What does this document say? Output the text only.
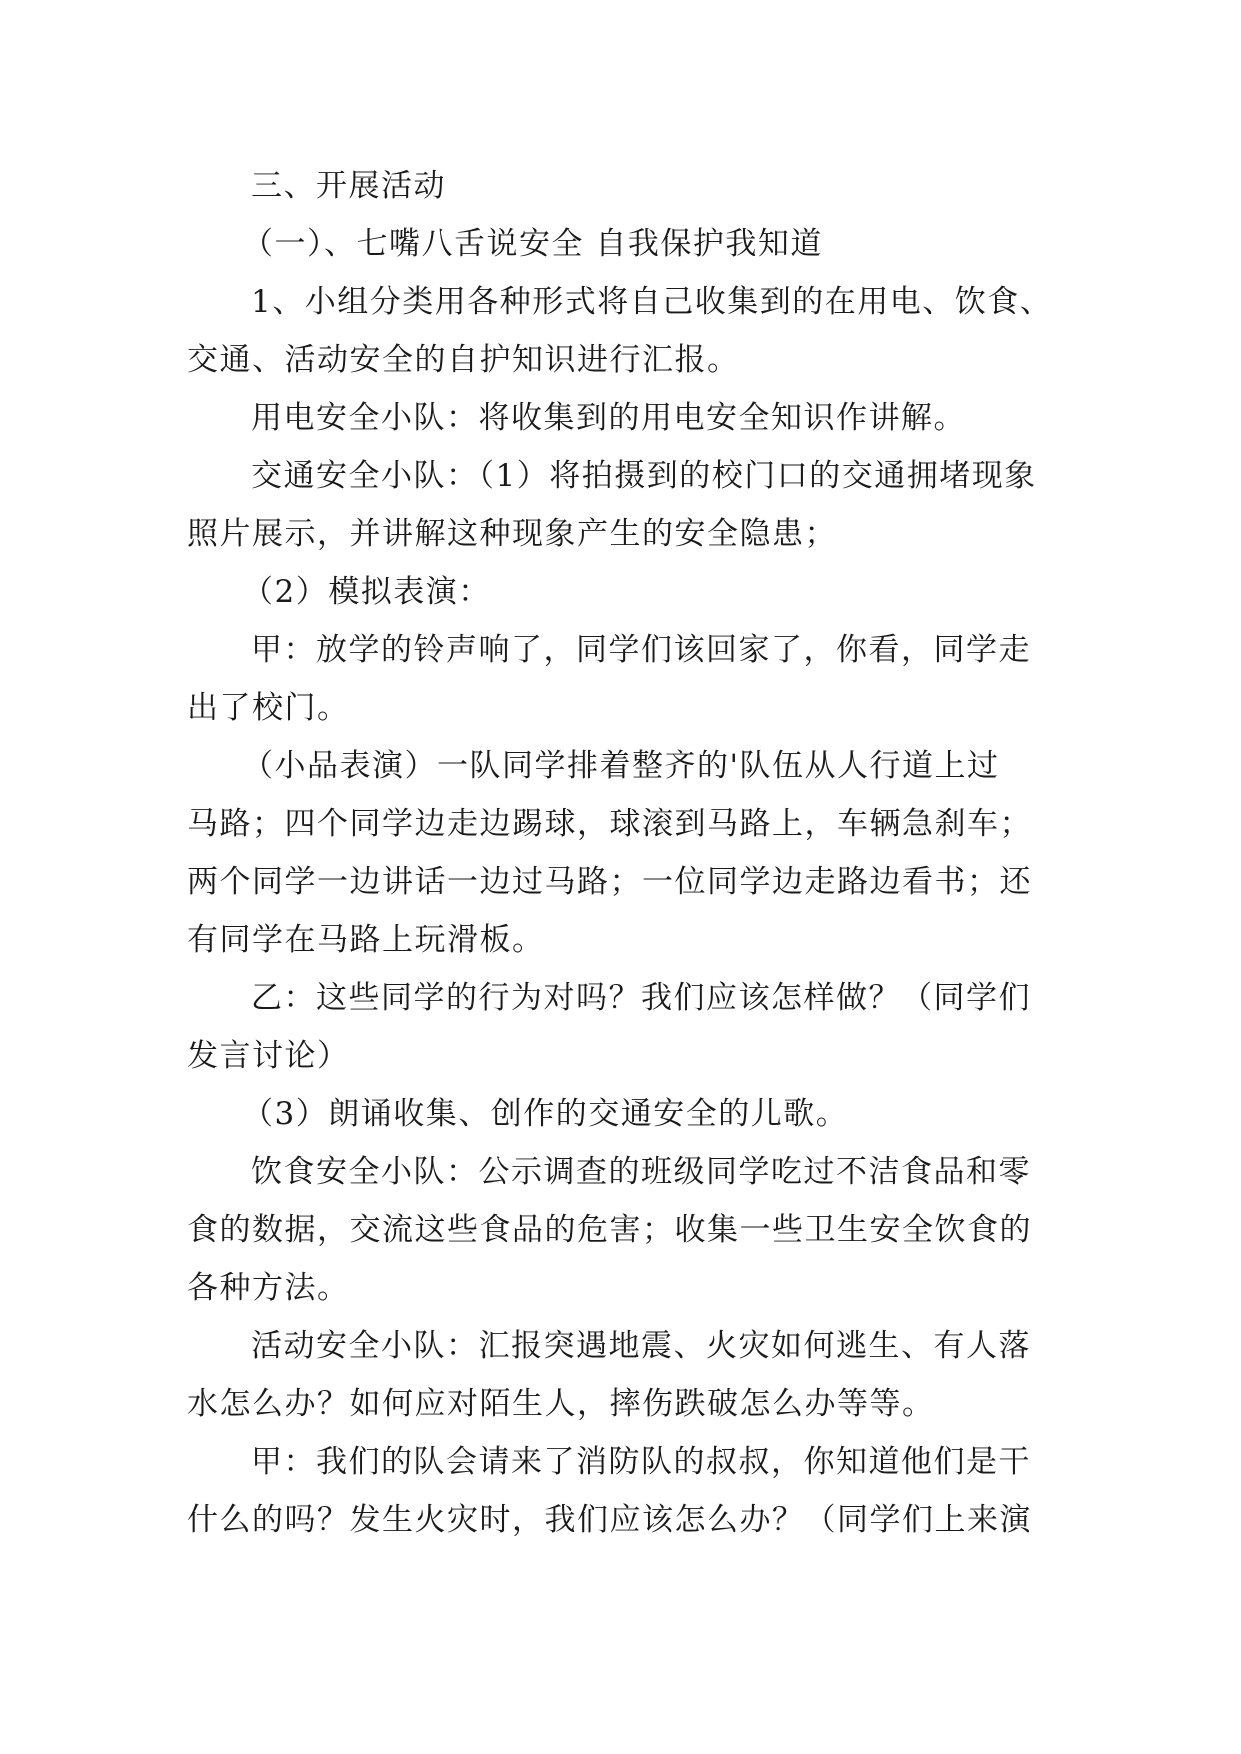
三、开展活动
（一）、七嘴八舌说安全 自我保护我知道
1、小组分类用各种形式将自己收集到的在用电、饮食、
交通、活动安全的自护知识进行汇报。
用电安全小队：将收集到的用电安全知识作讲解。
交通安全小队：（1）将拍摄到的校门口的交通拥堵现象
照片展示，并讲解这种现象产生的安全隐患；
（2）模拟表演：
甲：放学的铃声响了，同学们该回家了，你看，同学走
出了校门。
（小品表演）一队同学排着整齐的'队伍从人行道上过
马路；四个同学边走边踢球，球滚到马路上，车辆急刹车；
两个同学一边讲话一边过马路；一位同学边走路边看书；还
有同学在马路上玩滑板。
乙：这些同学的行为对吗？我们应该怎样做？（同学们
发言讨论）
（3）朗诵收集、创作的交通安全的儿歌。
饮食安全小队：公示调查的班级同学吃过不洁食品和零
食的数据，交流这些食品的危害；收集一些卫生安全饮食的
各种方法。
活动安全小队：汇报突遇地震、火灾如何逃生、有人落
水怎么办？如何应对陌生人，摔伤跌破怎么办等等。
甲：我们的队会请来了消防队的叔叔，你知道他们是干
什么的吗？发生火灾时，我们应该怎么办？（同学们上来演
